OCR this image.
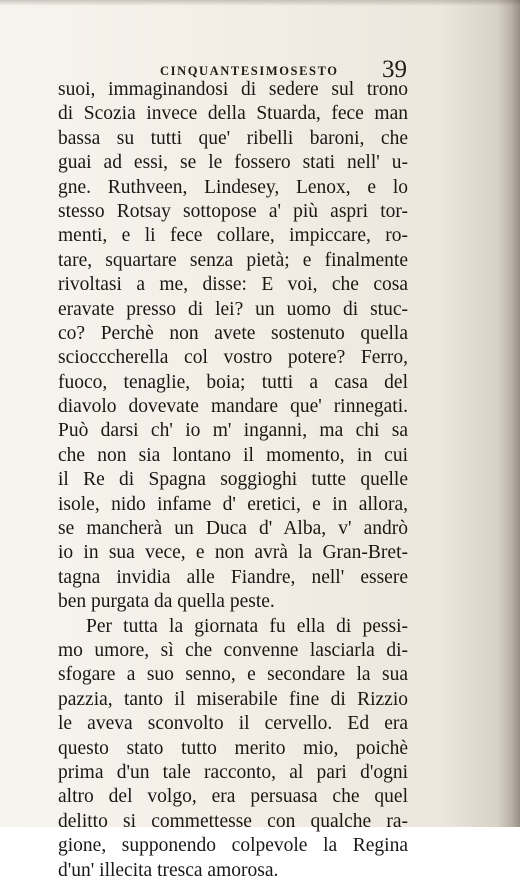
CINQUANTESIMOSESTO 39
suoi, immaginandosi di sedere sul trono
di Scozia invece della Stuarda, fece man
bassa su tutti que' ribelli baroni, che
guai ad essi, se le fossero stati nell' u-
gne. Ruthveen, Lindesey, Lenox, e lo
stesso Rotsay sottopose a' più aspri tor-
menti, e li fece collare, impiccare, ro-
tare, squartare senza pietà; e finalmente
rivoltasi a me, disse: E voi, che cosa
eravate presso di lei? un uomo di stuc-
co? Perchè non avete sostenuto quella
sciocccherella col vostro potere? Ferro,
fuoco, tenaglie, boia; tutti a casa del
diavolo dovevate mandare que' rinnegati.
Può darsi ch' io m' inganni, ma chi sa
che non sia lontano il momento, in cui
il Re di Spagna soggioghi tutte quelle
isole, nido infame d' eretici, e in allora,
se mancherà un Duca d' Alba, v' andrò
io in sua vece, e non avrà la Gran-Bret-
tagna invidia alle Fiandre, nell' essere
ben purgata da quella peste.
Per tutta la giornata fu ella di pessi-
mo umore, sì che convenne lasciarla di-
sfogare a suo senno, e secondare la sua
pazzia, tanto il miserabile fine di Rizzio
le aveva sconvolto il cervello. Ed era
questo stato tutto merito mio, poichè
prima d'un tale racconto, al pari d'ogni
altro del volgo, era persuasa che quel
delitto si commettesse con qualche ra-
gione, supponendo colpevole la Regina
d'un' illecita tresca amorosa.
